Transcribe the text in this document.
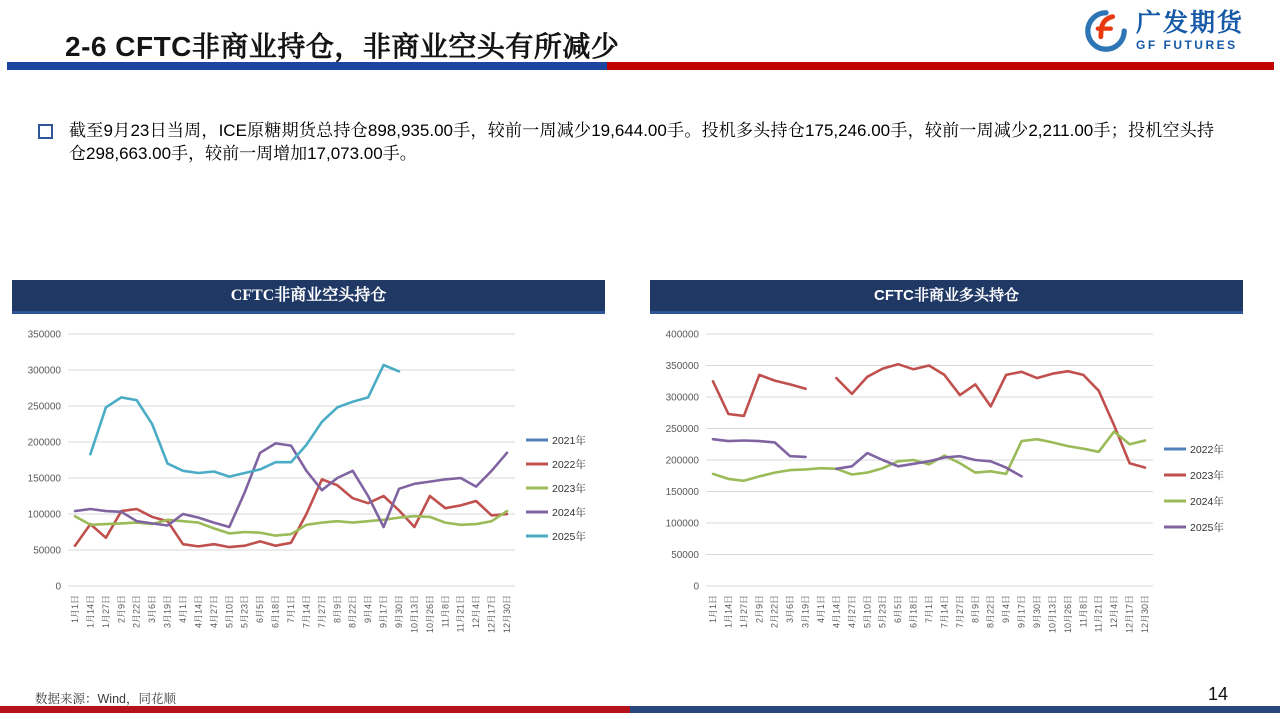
2-6 CFTC非商业持仓，非商业空头有所减少
广发期货
GF FUTURES

截至9月23日当周，ICE原糖期货总持仓898,935.00手，较前一周减少19,644.00手。投机多头持仓175,246.00手，较前一周减少2,211.00手；投机空头持仓298,663.00手，较前一周增加17,073.00手。

CFTC非商业空头持仓
0
50000
100000
150000
200000
250000
300000
350000
1月1日 1月14日 1月27日 2月9日 2月22日 3月6日 3月19日 4月1日 4月14日 4月27日 5月10日 5月23日 6月5日 6月18日 7月1日 7月14日 7月27日 8月9日 8月22日 9月4日 9月17日 9月30日 10月13日 10月26日 11月8日 11月21日 12月4日 12月17日 12月30日
2021年
2022年
2023年
2024年
2025年
CFTC非商业多头持仓
0
50000
100000
150000
200000
250000
300000
350000
400000
1月1日 1月14日 1月27日 2月9日 2月22日 3月6日 3月19日 4月1日 4月14日 4月27日 5月10日 5月23日 6月5日 6月18日 7月1日 7月14日 7月27日 8月9日 8月22日 9月4日 9月17日 9月30日 10月13日 10月26日 11月8日 11月21日 12月4日 12月17日 12月30日
2022年
2023年
2024年
2025年
数据来源：Wind，同花顺	14
